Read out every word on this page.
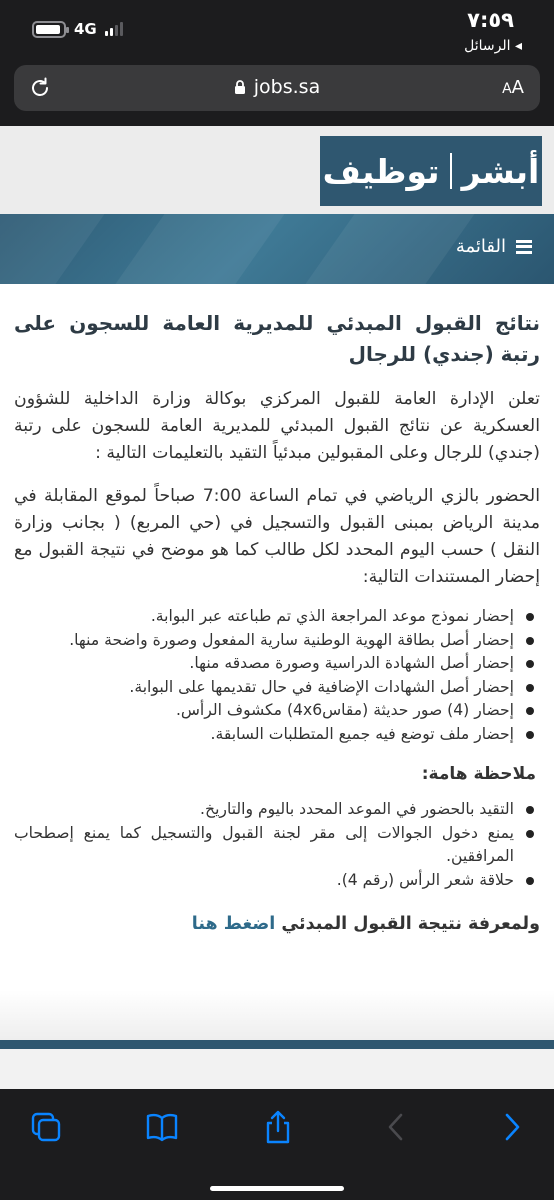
4G	٧:٥٩
◂ الرسائل
jobs.sa	AA
توظيف أبشر
القائمة
نتائج القبول المبدئي للمديرية العامة للسجون على رتبة (جندي) للرجال

تعلن الإدارة العامة للقبول المركزي بوكالة وزارة الداخلية للشؤون العسكرية عن نتائج القبول المبدئي للمديرية العامة للسجون على رتبة (جندي) للرجال وعلى المقبولين مبدئياً التقيد بالتعليمات التالية :

الحضور بالزي الرياضي في تمام الساعة 7:00 صباحاً لموقع المقابلة في مدينة الرياض بمبنى القبول والتسجيل في (حي المربع) ( بجانب وزارة النقل ) حسب اليوم المحدد لكل طالب كما هو موضح في نتيجة القبول مع إحضار المستندات التالية:

إحضار نموذج موعد المراجعة الذي تم طباعته عبر البوابة.
إحضار أصل بطاقة الهوية الوطنية سارية المفعول وصورة واضحة منها.
إحضار أصل الشهادة الدراسية وصورة مصدقه منها.
إحضار أصل الشهادات الإضافية في حال تقديمها على البوابة.
إحضار (4) صور حديثة (مقاس4x6) مكشوف الرأس.
إحضار ملف توضع فيه جميع المتطلبات السابقة.
ملاحظة هامة:
التقيد بالحضور في الموعد المحدد باليوم والتاريخ.
يمنع دخول الجوالات إلى مقر لجنة القبول والتسجيل كما يمنع إصطحاب المرافقين.
حلاقة شعر الرأس (رقم 4).
ولمعرفة نتيجة القبول المبدئي اضغط هنا
